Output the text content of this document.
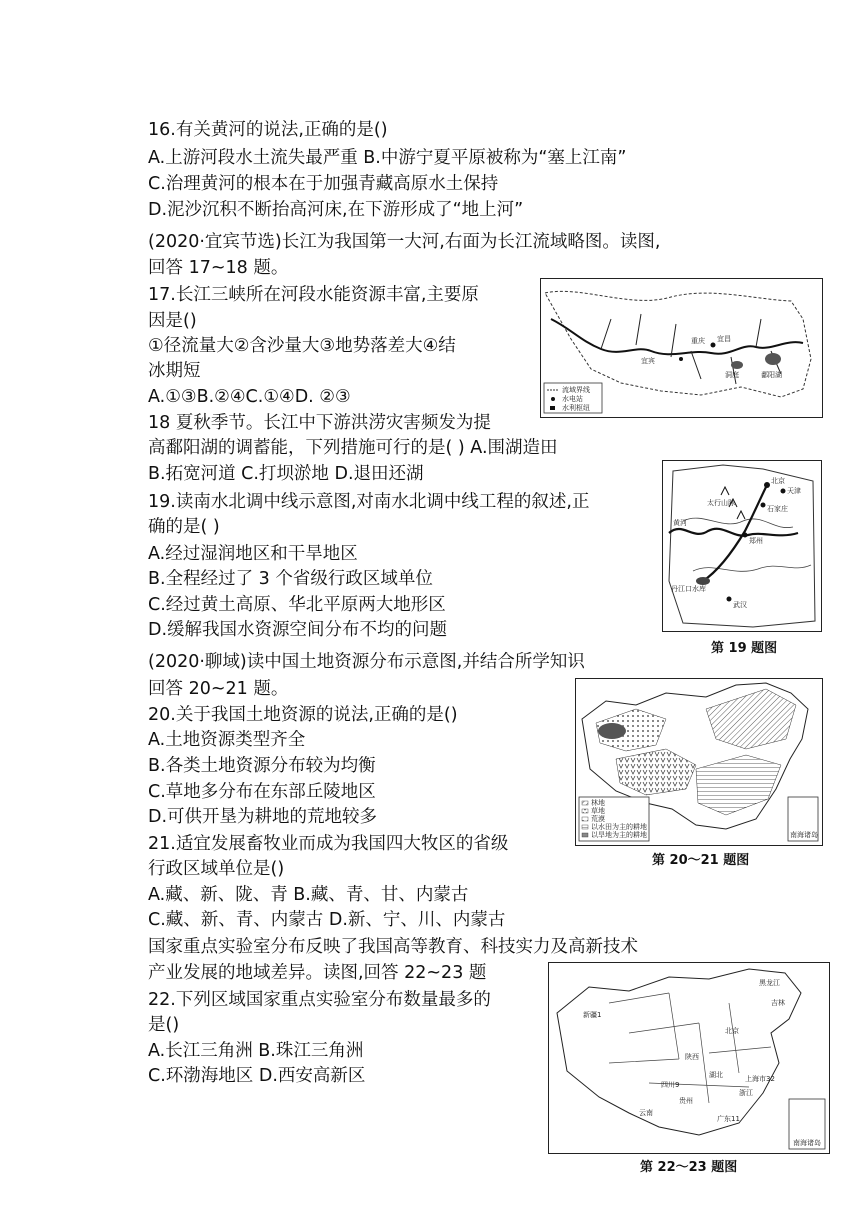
16.有关黄河的说法,正确的是()
A.上游河段水土流失最严重 B.中游宁夏平原被称为“塞上江南”
C.治理黄河的根本在于加强青藏高原水土保持
D.泥沙沉积不断抬高河床,在下游形成了“地上河”
(2020·宜宾节选)长江为我国第一大河,右面为长江流域略图。读图,
回答 17~18 题。
17.长江三峡所在河段水能资源丰富,主要原
因是()
①径流量大②含沙量大③地势落差大④结
冰期短
A.①③B.②④C.①④D. ②③
18 夏秋季节。长江中下游洪涝灾害频发为提
高鄱阳湖的调蓄能，下列措施可行的是( ) A.围湖造田
B.拓宽河道 C.打坝淤地 D.退田还湖
19.读南水北调中线示意图,对南水北调中线工程的叙述,正
确的是( )
A.经过湿润地区和干旱地区
B.全程经过了 3 个省级行政区域单位
C.经过黄土高原、华北平原两大地形区
D.缓解我国水资源空间分布不均的问题
(2020·聊域)读中国土地资源分布示意图,并结合所学知识
回答 20~21 题。
20.关于我国土地资源的说法,正确的是()
A.土地资源类型齐全
B.各类土地资源分布较为均衡
C.草地多分布在东部丘陵地区
D.可供开垦为耕地的荒地较多
21.适宜发展畜牧业而成为我国四大牧区的省级
行政区域单位是()
A.藏、新、陇、青 B.藏、青、甘、内蒙古
C.藏、新、青、内蒙古 D.新、宁、川、内蒙古
国家重点实验室分布反映了我国高等教育、科技实力及高新技术
产业发展的地域差异。读图,回答 22~23 题
22.下列区域国家重点实验室分布数量最多的
是()
A.长江三角洲 B.珠江三角洲
C.环渤海地区 D.西安高新区
宜宾
重庆 宜昌
鄱阳湖
洞庭
流域界线
水电站
水利枢纽
北京
天津
石家庄
郑州
武汉
丹江口水库
太行山脉
黄河
第 19 题图
林地
草地
荒漠
以水田为主的耕地
以旱地为主的耕地	南海诸岛
第 20～21 题图
新疆1
黑龙江
北京
四川9
上海市32
湖北
浙江
广东11
云南
贵州
吉林
陕西
南海诸岛
第 22～23 题图
